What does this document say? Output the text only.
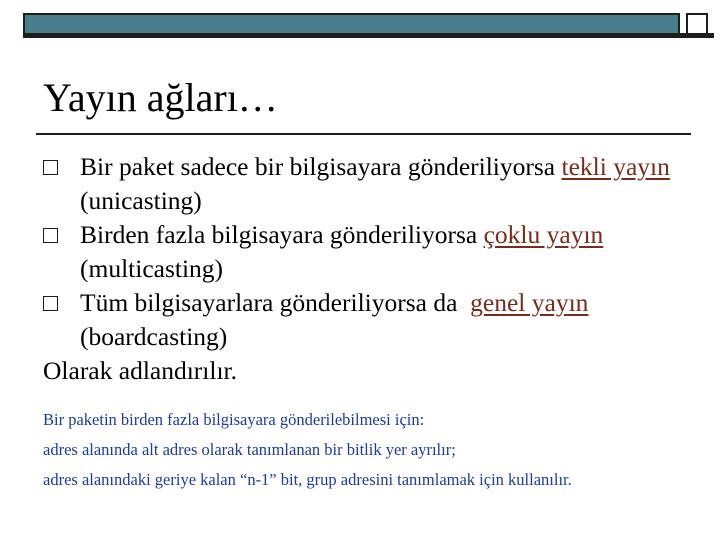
Yayın ağları…
Bir paket sadece bir bilgisayara gönderiliyorsa tekli yayın (unicasting)
Birden fazla bilgisayara gönderiliyorsa çoklu yayın (multicasting)
Tüm bilgisayarlara gönderiliyorsa da  genel yayın (boardcasting)
Olarak adlandırılır.
Bir paketin birden fazla bilgisayara gönderilebilmesi için:
adres alanında alt adres olarak tanımlanan bir bitlik yer ayrılır;
adres alanındaki geriye kalan “n-1” bit, grup adresini tanımlamak için kullanılır.
